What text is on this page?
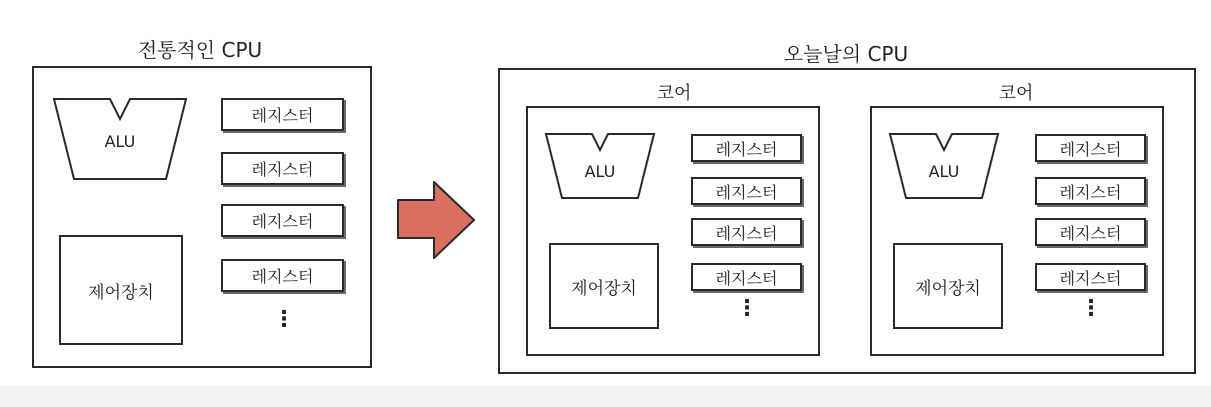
전통적인 CPU
ALU
제어장치
레지스터
레지스터
레지스터
레지스터
⋮
오늘날의 CPU
코어
ALU
제어장치
레지스터
레지스터
레지스터
레지스터
⋮
코어
ALU
제어장치
레지스터
레지스터
레지스터
레지스터
⋮
